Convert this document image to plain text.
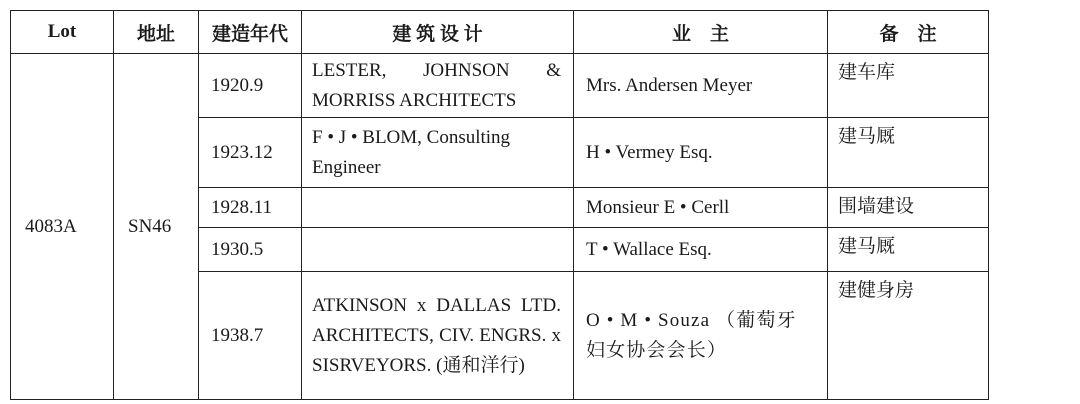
Lot	地址	建造年代	建 筑 设 计	业    主	备    注
4083A	SN46	1920.9	LESTER, JOHNSON & MORRISS ARCHITECTS	Mrs. Andersen Meyer	建车库
		1923.12	F • J • BLOM, Consulting Engineer	H • Vermey Esq.	建马厩
		1928.11		Monsieur E • Cerll	围墙建设
		1930.5		T • Wallace Esq.	建马厩
		1938.7	ATKINSON x DALLAS LTD. ARCHITECTS, CIV. ENGRS. x SISRVEYORS. (通和洋行)	O • M • Souza （葡萄牙妇女协会会长）	建健身房
